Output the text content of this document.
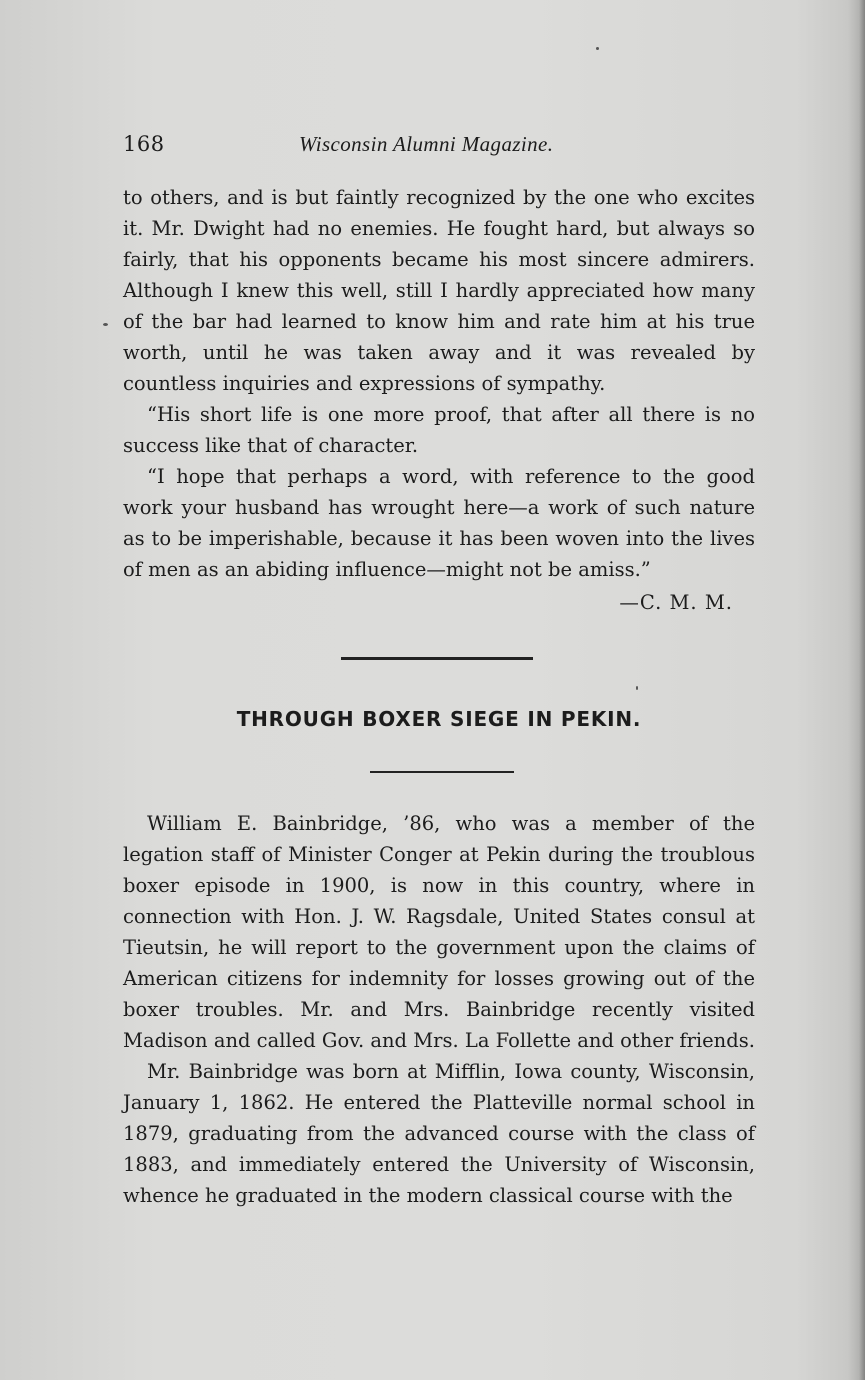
168	Wisconsin Alumni Magazine.

to others, and is but faintly recognized by the one who excites it. Mr. Dwight had no enemies. He fought hard, but always so fairly, that his opponents became his most sincere admirers. Although I knew this well, still I hardly appreciated how many of the bar had learned to know him and rate him at his true worth, until he was taken away and it was revealed by countless inquiries and expressions of sympathy.

“His short life is one more proof, that after all there is no success like that of character.

“I hope that perhaps a word, with reference to the good work your husband has wrought here—a work of such nature as to be imperishable, because it has been woven into the lives of men as an abiding influence—might not be amiss.”

—C. M. M.
THROUGH BOXER SIEGE IN PEKIN.

William E. Bainbridge, ’86, who was a member of the legation staff of Minister Conger at Pekin during the troublous boxer episode in 1900, is now in this country, where in connection with Hon. J. W. Ragsdale, United States consul at Tieutsin, he will report to the government upon the claims of American citizens for indemnity for losses growing out of the boxer troubles. Mr. and Mrs. Bainbridge recently visited Madison and called Gov. and Mrs. La Follette and other friends.

Mr. Bainbridge was born at Mifflin, Iowa county, Wisconsin, January 1, 1862. He entered the Platteville normal school in 1879, graduating from the advanced course with the class of 1883, and immediately entered the University of Wisconsin, whence he graduated in the modern classical course with the
